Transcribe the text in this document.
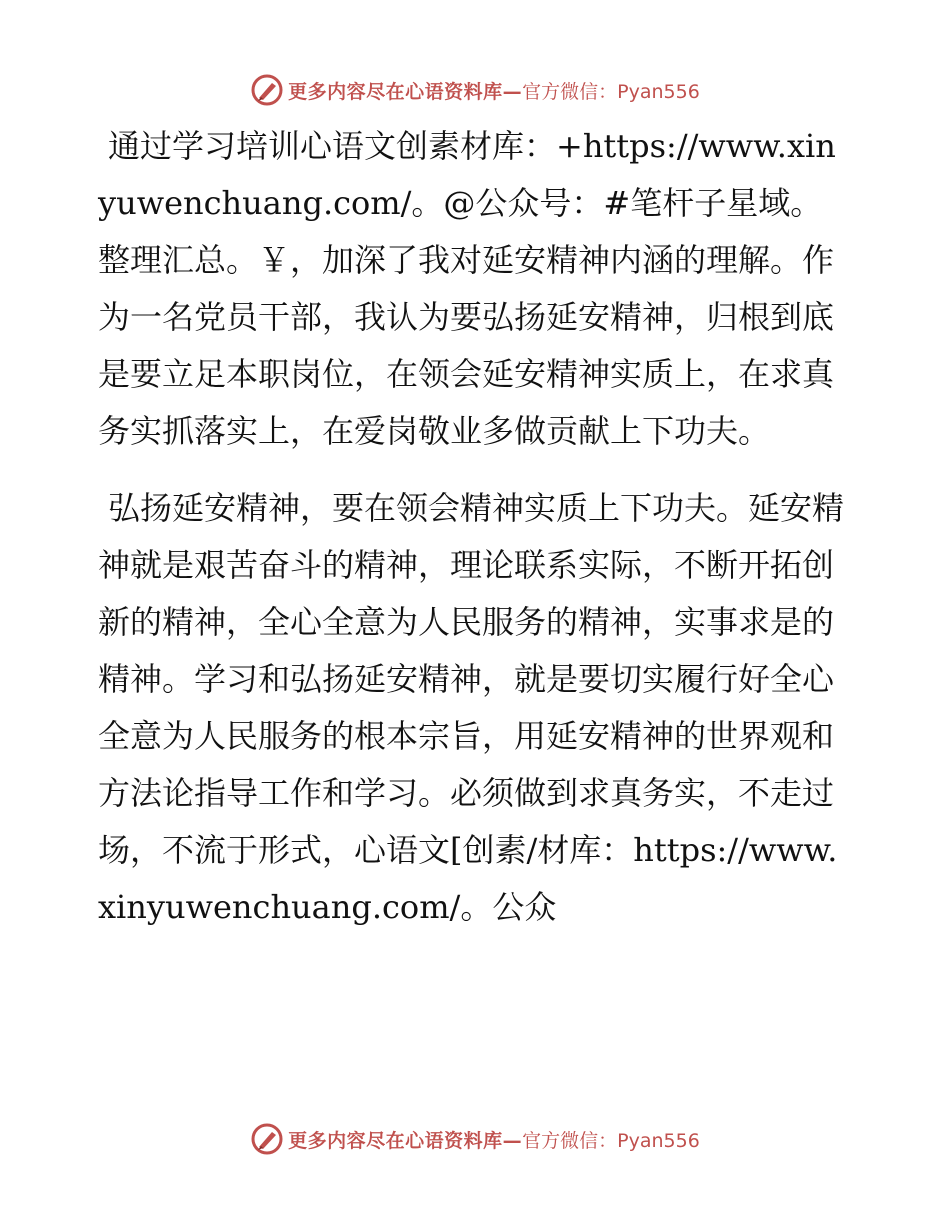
更多内容尽在心语资料库— 官方微信：Pyan556

通过学习培训心语文创素材库：+https://www.xinyuwenchuang.com/。@公众号：#笔杆子星域。整理汇总。￥，加深了我对延安精神内涵的理解。作为一名党员干部，我认为要弘扬延安精神，归根到底是要立足本职岗位，在领会延安精神实质上，在求真务实抓落实上，在爱岗敬业多做贡献上下功夫。

弘扬延安精神，要在领会精神实质上下功夫。延安精神就是艰苦奋斗的精神，理论联系实际，不断开拓创新的精神，全心全意为人民服务的精神，实事求是的精神。学习和弘扬延安精神，就是要切实履行好全心全意为人民服务的根本宗旨，用延安精神的世界观和方法论指导工作和学习。必须做到求真务实，不走过场，不流于形式，心语文[创素/材库：https://www.xinyuwenchuang.com/。公众

更多内容尽在心语资料库— 官方微信：Pyan556
